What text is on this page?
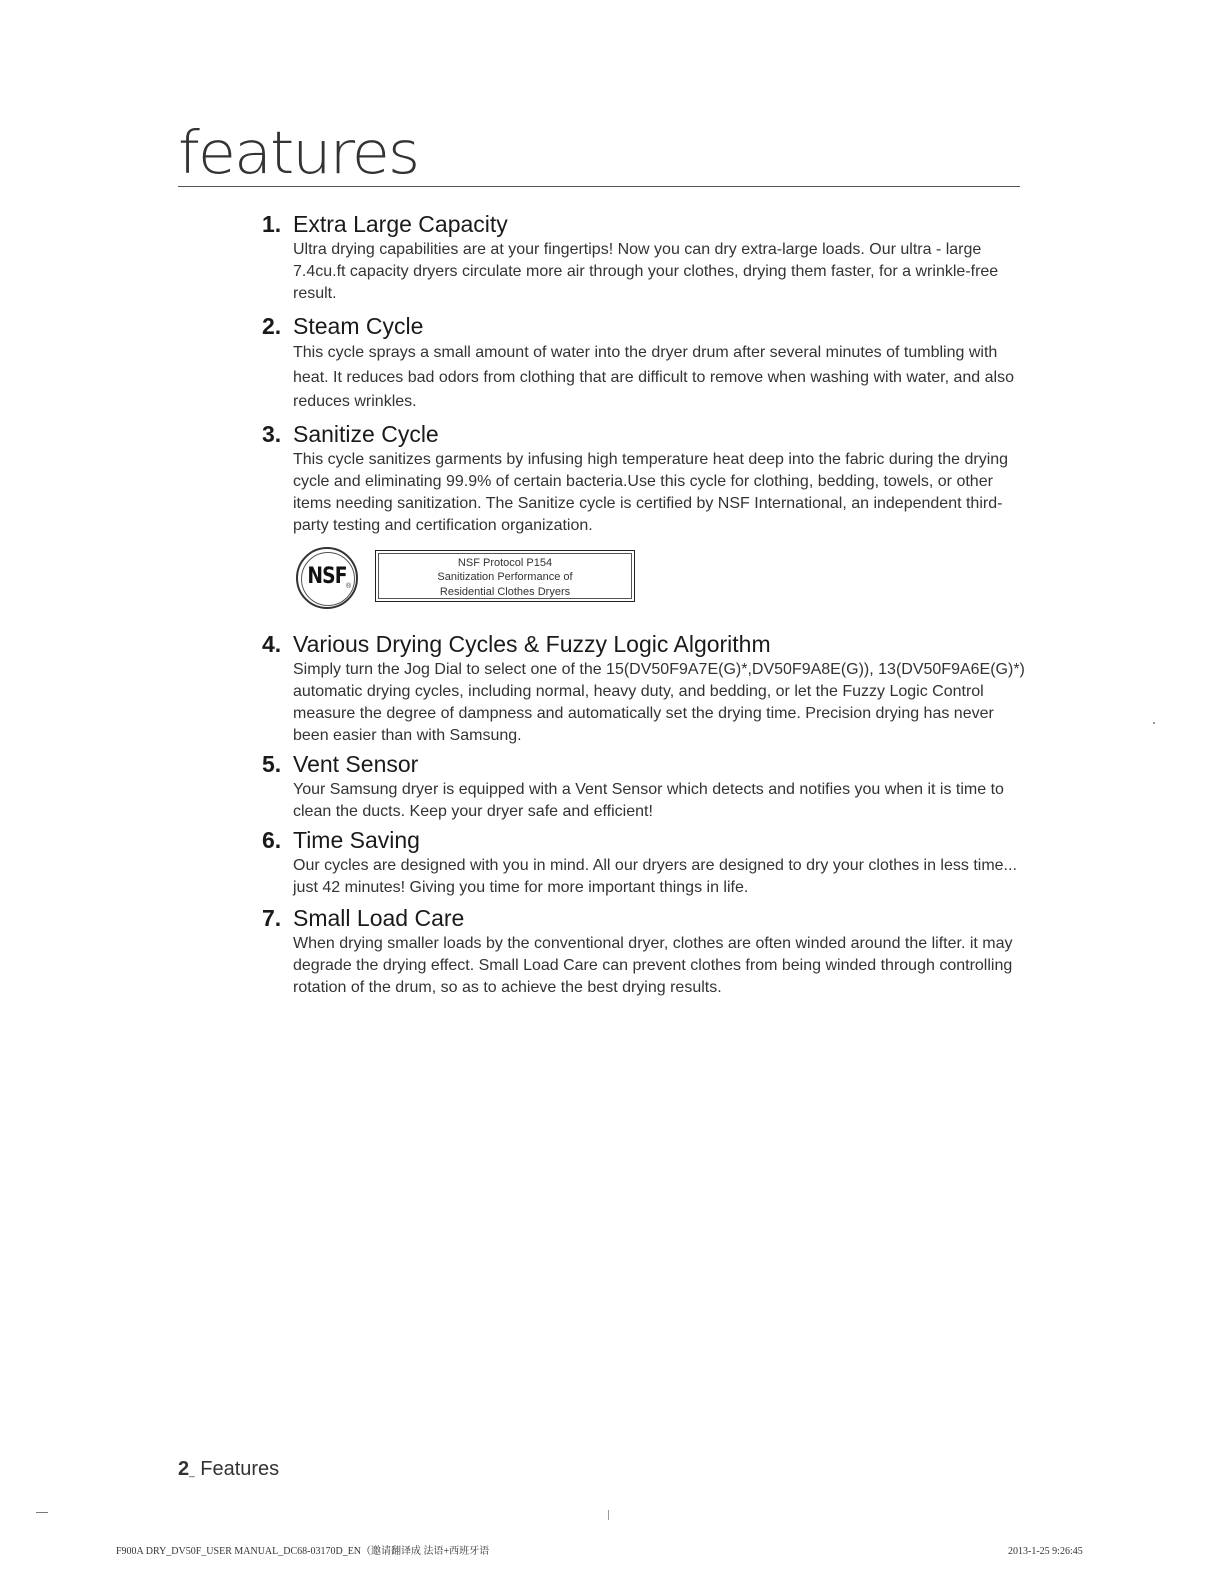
features
1. Extra Large Capacity
Ultra drying capabilities are at your fingertips! Now you can dry extra-large loads. Our ultra - large 7.4cu.ft capacity dryers circulate more air through your clothes, drying them faster, for a wrinkle-free result.
2. Steam Cycle
This cycle sprays a small amount of water into the dryer drum after several minutes of tumbling with heat. It reduces bad odors from clothing that are difficult to remove when washing with water, and also reduces wrinkles.
3. Sanitize Cycle
This cycle sanitizes garments by infusing high temperature heat deep into the fabric during the drying cycle and eliminating 99.9% of certain bacteria.Use this cycle for clothing, bedding, towels, or other items needing sanitization. The Sanitize cycle is certified by NSF International, an independent third-party testing and certification organization.
NSF ®
NSF Protocol P154
Sanitization Performance of
Residential Clothes Dryers
4. Various Drying Cycles & Fuzzy Logic Algorithm
Simply turn the Jog Dial to select one of the 15(DV50F9A7E(G)*,DV50F9A8E(G)), 13(DV50F9A6E(G)*) automatic drying cycles, including normal, heavy duty, and bedding, or let the Fuzzy Logic Control measure the degree of dampness and automatically set the drying time. Precision drying has never been easier than with Samsung.
5. Vent Sensor
Your Samsung dryer is equipped with a Vent Sensor which detects and notifies you when it is time to clean the ducts. Keep your dryer safe and efficient!
6. Time Saving
Our cycles are designed with you in mind. All our dryers are designed to dry your clothes in less time... just 42 minutes! Giving you time for more important things in life.
7. Small Load Care
When drying smaller loads by the conventional dryer, clothes are often winded around the lifter. it may degrade the drying effect. Small Load Care can prevent clothes from being winded through controlling rotation of the drum, so as to achieve the best drying results.
2_ Features
F900A DRY_DV50F_USER MANUAL_DC68-03170D_EN（邀请翻译成 法语+西班牙语	2013-1-25 9:26:45
